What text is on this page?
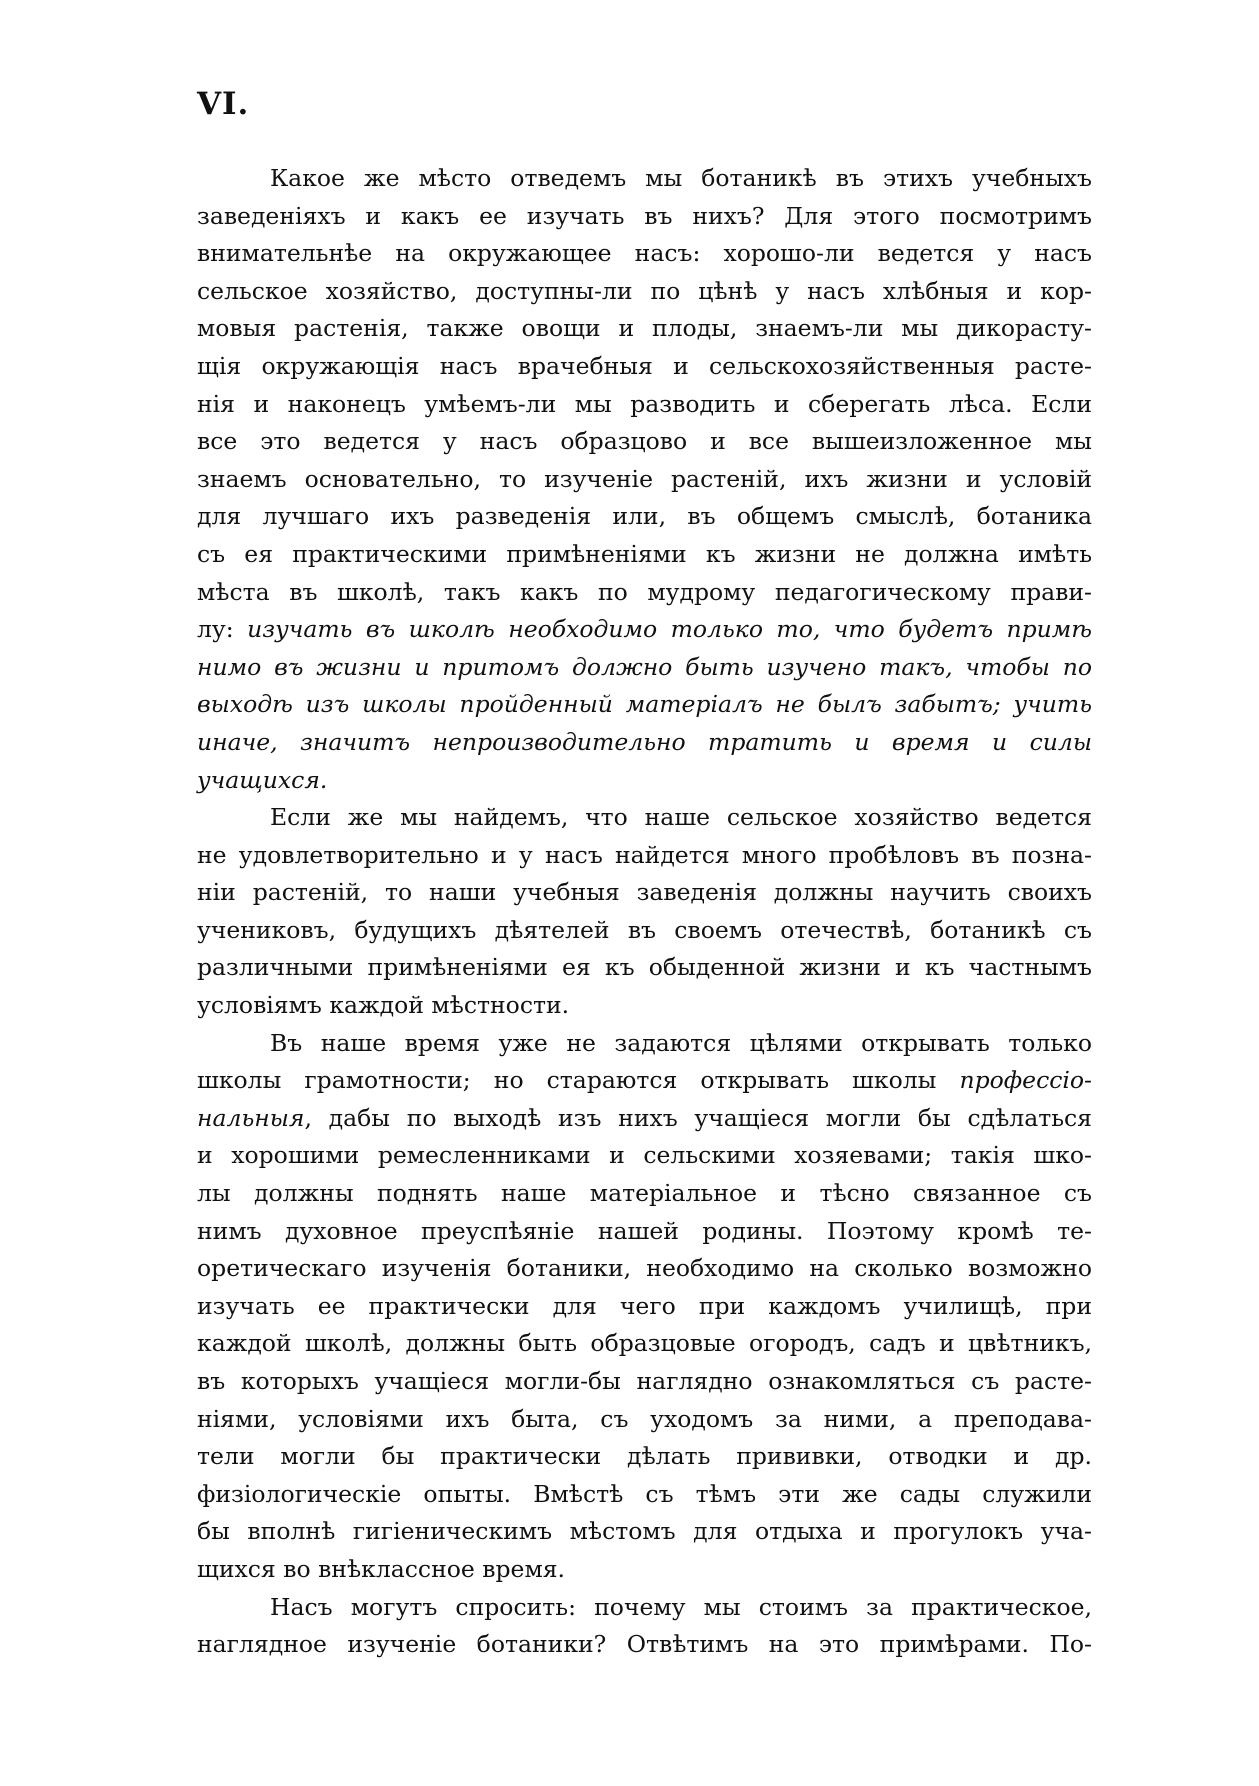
VI.
Какое же мѣсто отведемъ мы ботаникѣ въ этихъ учебныхъ
заведеніяхъ и какъ ее изучать въ нихъ? Для этого посмотримъ
внимательнѣе на окружающее насъ: хорошо-ли ведется у насъ
сельское хозяйство, доступны-ли по цѣнѣ у насъ хлѣбныя и кор-
мовыя растенія, также овощи и плоды, знаемъ-ли мы дикорасту-
щія окружающія насъ врачебныя и сельскохозяйственныя расте-
нія и наконецъ умѣемъ-ли мы разводить и сберегать лѣса. Если
все это ведется у насъ образцово и все вышеизложенное мы
знаемъ основательно, то изученіе растеній, ихъ жизни и условій
для лучшаго ихъ разведенія или, въ общемъ смыслѣ, ботаника
съ ея практическими примѣненіями къ жизни не должна имѣть
мѣста въ школѣ, такъ какъ по мудрому педагогическому прави-
лу: изучать въ школѣ необходимо только то, что будетъ примѣ
нимо въ жизни и притомъ должно быть изучено такъ, чтобы по
выходѣ изъ школы пройденный матеріалъ не былъ забытъ; учить
иначе, значитъ непроизводительно тратить и время и силы
учащихся.
Если же мы найдемъ, что наше сельское хозяйство ведется
не удовлетворительно и у насъ найдется много пробѣловъ въ позна-
ніи растеній, то наши учебныя заведенія должны научить своихъ
учениковъ, будущихъ дѣятелей въ своемъ отечествѣ, ботаникѣ съ
различными примѣненіями ея къ обыденной жизни и къ частнымъ
условіямъ каждой мѣстности.
Въ наше время уже не задаются цѣлями открывать только
школы грамотности; но стараются открывать школы профессіо-
нальныя, дабы по выходѣ изъ нихъ учащіеся могли бы сдѣлаться
и хорошими ремесленниками и сельскими хозяевами; такія шко-
лы должны поднять наше матеріальное и тѣсно связанное съ
нимъ духовное преуспѣяніе нашей родины. Поэтому кромѣ те-
оретическаго изученія ботаники, необходимо на сколько возможно
изучать ее практически для чего при каждомъ училищѣ, при
каждой школѣ, должны быть образцовые огородъ, садъ и цвѣтникъ,
въ которыхъ учащіеся могли-бы наглядно ознакомляться съ расте-
ніями, условіями ихъ быта, съ уходомъ за ними, а преподава-
тели могли бы практически дѣлать прививки, отводки и др.
физіологическіе опыты. Вмѣстѣ съ тѣмъ эти же сады служили
бы вполнѣ гигіеническимъ мѣстомъ для отдыха и прогулокъ уча-
щихся во внѣклассное время.
Насъ могутъ спросить: почему мы стоимъ за практическое,
наглядное изученіе ботаники? Отвѣтимъ на это примѣрами. По-
